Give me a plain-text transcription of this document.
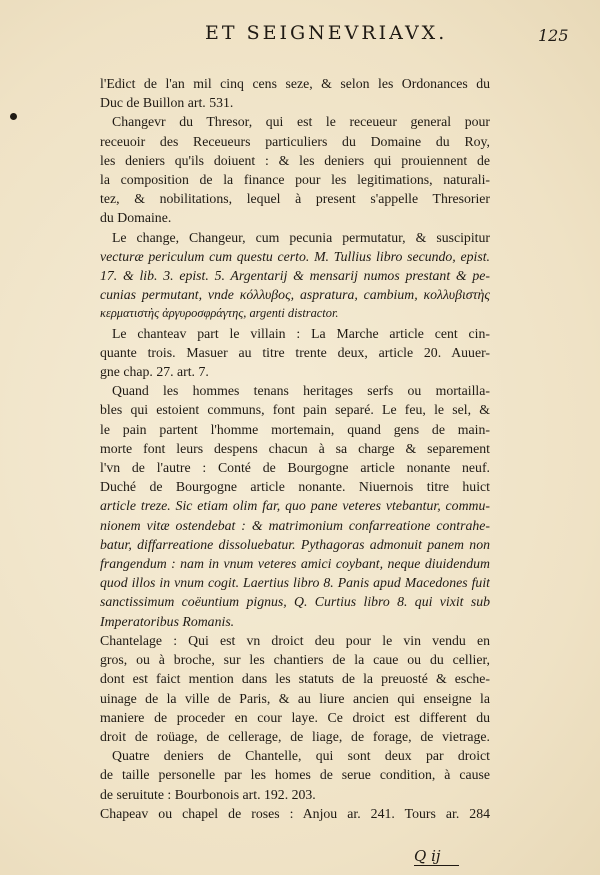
ET SEIGNEVRIAVX.	125
l'Edict de l'an mil cinq cens seze, & selon les Ordonances du
Duc de Buillon art. 531.
Changevr du Thresor, qui est le receueur general pour
receuoir des Receueurs particuliers du Domaine du Roy,
les deniers qu'ils doiuent : & les deniers qui prouiennent de
la composition de la finance pour les legitimations, naturali-
tez, & nobilitations, lequel à present s'appelle Thresorier
du Domaine.
Le change, Changeur, cum pecunia permutatur, & suscipitur
vecturæ periculum cum questu certo. M. Tullius libro secundo, epist.
17. & lib. 3. epist. 5. Argentarij & mensarij numos prestant & pe-
cunias permutant, vnde κόλλυβος, aspratura, cambium, κολλυβιστὴς
κερματιστὴς ἀργυροσφράγτης, argenti distractor.
Le chanteav part le villain : La Marche article cent cin-
quante trois. Masuer au titre trente deux, article 20. Auuer-
gne chap. 27. art. 7.
Quand les hommes tenans heritages serfs ou mortailla-
bles qui estoient communs, font pain separé. Le feu, le sel, &
le pain partent l'homme mortemain, quand gens de main-
morte font leurs despens chacun à sa charge & separement
l'vn de l'autre : Conté de Bourgogne article nonante neuf.
Duché de Bourgogne article nonante. Niuernois titre huict
article treze. Sic etiam olim far, quo pane veteres vtebantur, commu-
nionem vitæ ostendebat : & matrimonium confarreatione contrahe-
batur, diffarreatione dissoluebatur. Pythagoras admonuit panem non
frangendum : nam in vnum veteres amici coybant, neque diuidendum
quod illos in vnum cogit. Laertius libro 8. Panis apud Macedones fuit
sanctissimum coëuntium pignus, Q. Curtius libro 8. qui vixit sub
Imperatoribus Romanis.
Chantelage : Qui est vn droict deu pour le vin vendu en
gros, ou à broche, sur les chantiers de la caue ou du cellier,
dont est faict mention dans les statuts de la preuosté & esche-
uinage de la ville de Paris, & au liure ancien qui enseigne la
maniere de proceder en cour laye. Ce droict est different du
droit de roüage, de cellerage, de liage, de forage, de vietrage.
Quatre deniers de Chantelle, qui sont deux par droict
de taille personelle par les homes de serue condition, à cause
de seruitute : Bourbonois art. 192. 203.
Chapeav ou chapel de roses : Anjou ar. 241. Tours ar. 284
Q ij
